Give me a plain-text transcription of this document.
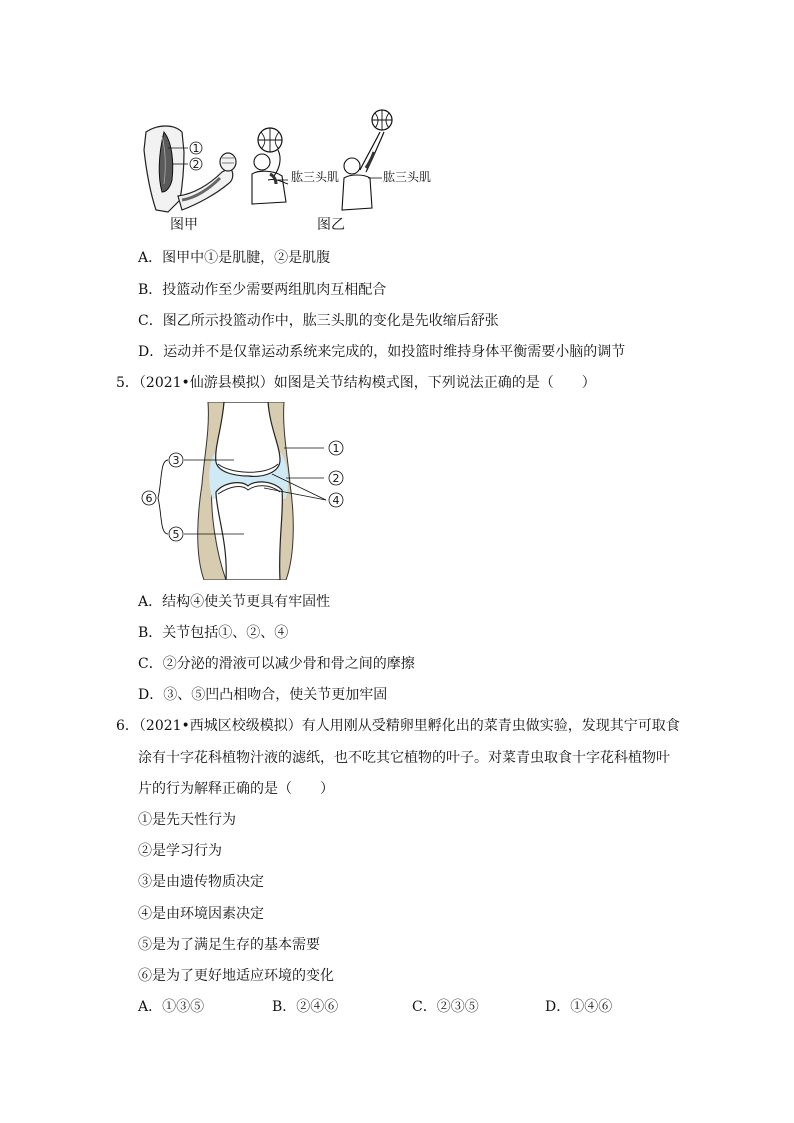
1
2
肱三头肌	肱三头肌
图甲	图乙
A．图甲中①是肌腱，②是肌腹
B．投篮动作至少需要两组肌肉互相配合
C．图乙所示投篮动作中，肱三头肌的变化是先收缩后舒张
D．运动并不是仅靠运动系统来完成的，如投篮时维持身体平衡需要小脑的调节
5．（2021•仙游县模拟）如图是关节结构模式图，下列说法正确的是（　　）
1
2
4
3
5
6
A．结构④使关节更具有牢固性
B．关节包括①、②、④
C．②分泌的滑液可以减少骨和骨之间的摩擦
D．③、⑤凹凸相吻合，使关节更加牢固
6．（2021•西城区校级模拟）有人用刚从受精卵里孵化出的菜青虫做实验，发现其宁可取食
涂有十字花科植物汁液的滤纸，也不吃其它植物的叶子。对菜青虫取食十字花科植物叶
片的行为解释正确的是（　　）
①是先天性行为
②是学习行为
③是由遗传物质决定
④是由环境因素决定
⑤是为了满足生存的基本需要
⑥是为了更好地适应环境的变化
A．①③⑤	B．②④⑥	C．②③⑤	D．①④⑥
